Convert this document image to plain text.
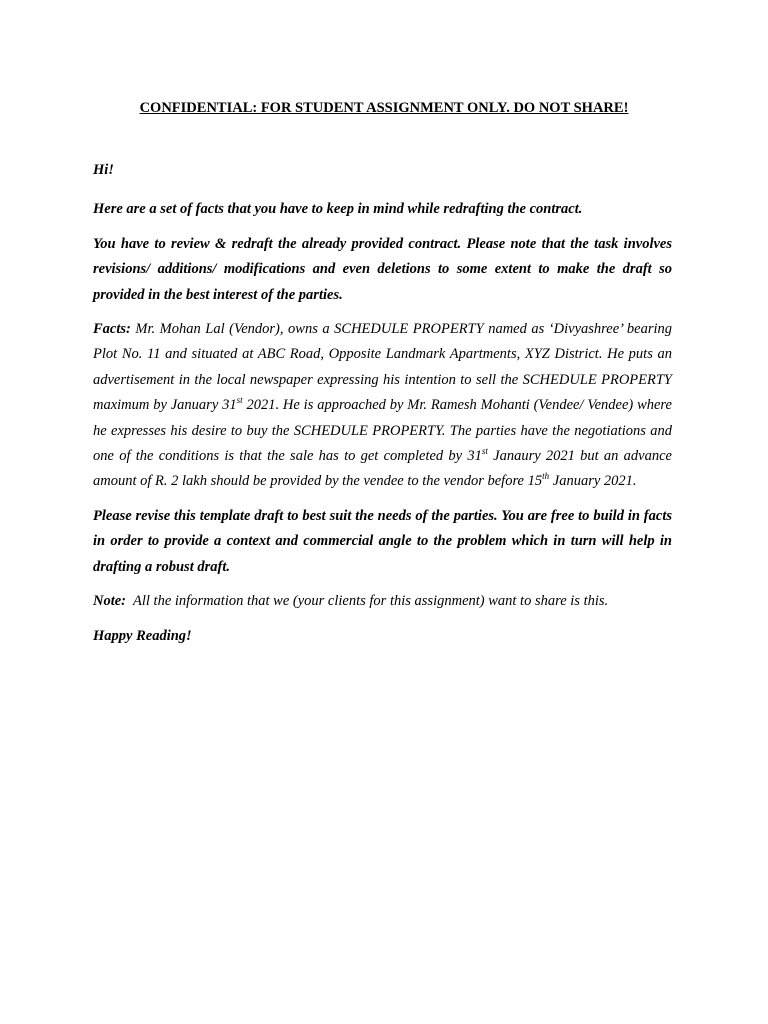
CONFIDENTIAL: FOR STUDENT ASSIGNMENT ONLY. DO NOT SHARE!

Hi!

Here are a set of facts that you have to keep in mind while redrafting the contract.

You have to review & redraft the already provided contract. Please note that the task involves revisions/ additions/ modifications and even deletions to some extent to make the draft so provided in the best interest of the parties.

Facts: Mr. Mohan Lal (Vendor), owns a SCHEDULE PROPERTY named as ‘Divyashree’ bearing Plot No. 11 and situated at ABC Road, Opposite Landmark Apartments, XYZ District. He puts an advertisement in the local newspaper expressing his intention to sell the SCHEDULE PROPERTY maximum by January 31st 2021. He is approached by Mr. Ramesh Mohanti (Vendee/ Vendee) where he expresses his desire to buy the SCHEDULE PROPERTY. The parties have the negotiations and one of the conditions is that the sale has to get completed by 31st Janaury 2021 but an advance amount of R. 2 lakh should be provided by the vendee to the vendor before 15th January 2021.

Please revise this template draft to best suit the needs of the parties. You are free to build in facts in order to provide a context and commercial angle to the problem which in turn will help in drafting a robust draft.

Note:  All the information that we (your clients for this assignment) want to share is this.

Happy Reading!
